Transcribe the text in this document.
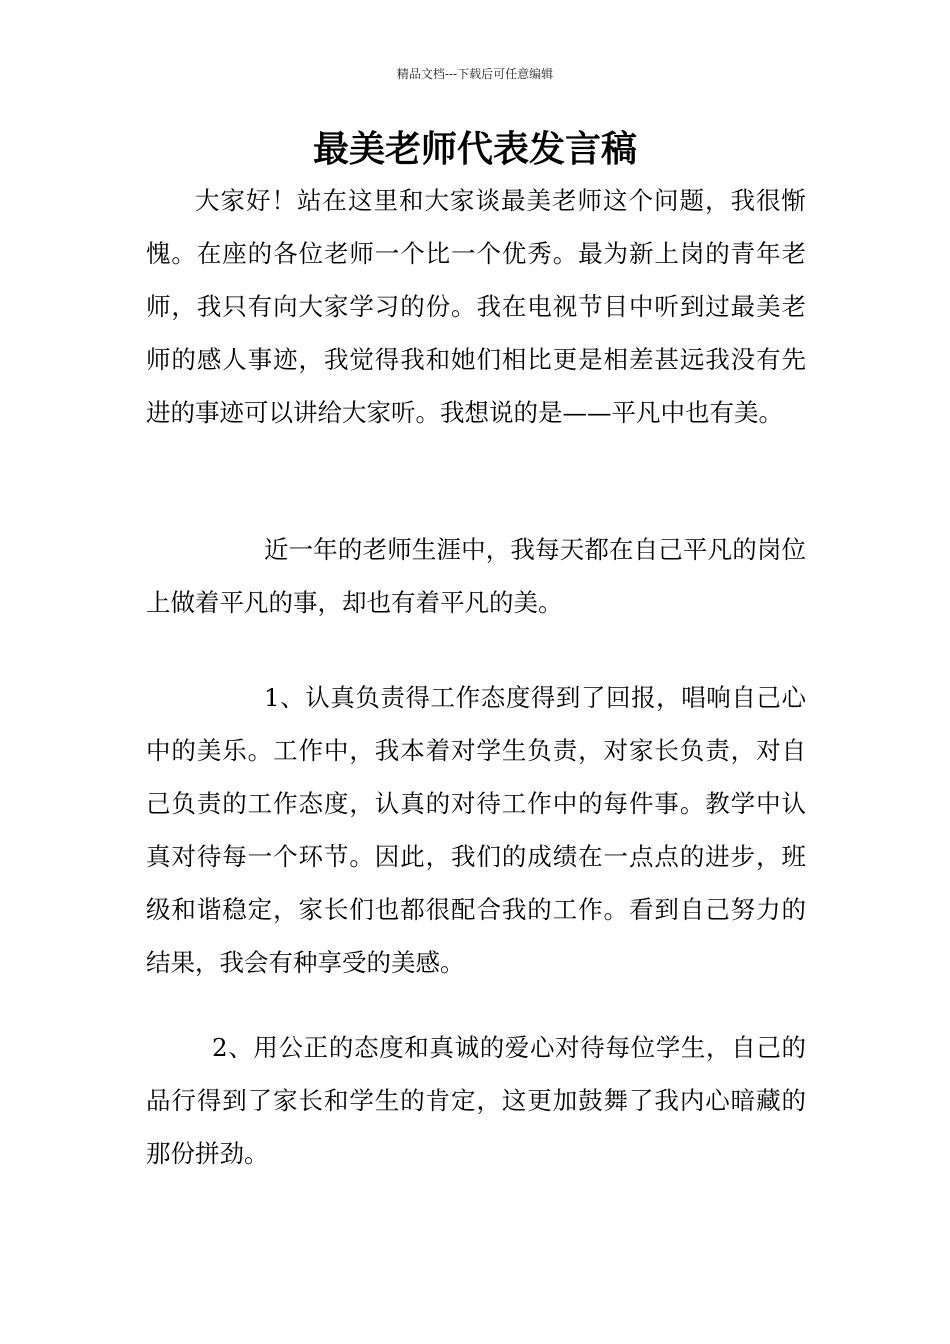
精品文档---下载后可任意编辑
最美老师代表发言稿

大家好！站在这里和大家谈最美老师这个问题，我很惭愧。在座的各位老师一个比一个优秀。最为新上岗的青年老师，我只有向大家学习的份。我在电视节目中听到过最美老师的感人事迹，我觉得我和她们相比更是相差甚远我没有先进的事迹可以讲给大家听。我想说的是——平凡中也有美。

近一年的老师生涯中，我每天都在自己平凡的岗位上做着平凡的事，却也有着平凡的美。

1、认真负责得工作态度得到了回报，唱响自己心中的美乐。工作中，我本着对学生负责，对家长负责，对自己负责的工作态度，认真的对待工作中的每件事。教学中认真对待每一个环节。因此，我们的成绩在一点点的进步，班级和谐稳定，家长们也都很配合我的工作。看到自己努力的结果，我会有种享受的美感。

2、用公正的态度和真诚的爱心对待每位学生，自己的品行得到了家长和学生的肯定，这更加鼓舞了我内心暗藏的那份拼劲。
